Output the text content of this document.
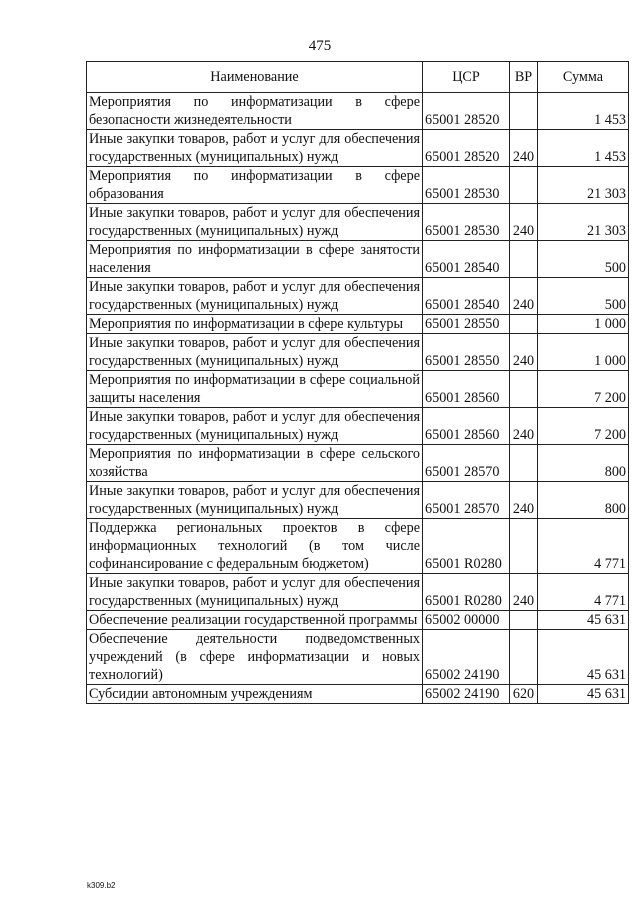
475
Наименование	ЦСР	ВР	Сумма
Мероприятия по информатизации в сфере безопасности жизнедеятельности	65001 28520		1 453
Иные закупки товаров, работ и услуг для обеспечения государственных (муниципальных) нужд	65001 28520	240	1 453
Мероприятия по информатизации в сфере образования	65001 28530		21 303
Иные закупки товаров, работ и услуг для обеспечения государственных (муниципальных) нужд	65001 28530	240	21 303
Мероприятия по информатизации в сфере занятости населения	65001 28540		500
Иные закупки товаров, работ и услуг для обеспечения государственных (муниципальных) нужд	65001 28540	240	500
Мероприятия по информатизации в сфере культуры	65001 28550		1 000
Иные закупки товаров, работ и услуг для обеспечения государственных (муниципальных) нужд	65001 28550	240	1 000
Мероприятия по информатизации в сфере социальной защиты населения	65001 28560		7 200
Иные закупки товаров, работ и услуг для обеспечения государственных (муниципальных) нужд	65001 28560	240	7 200
Мероприятия по информатизации в сфере сельского хозяйства	65001 28570		800
Иные закупки товаров, работ и услуг для обеспечения государственных (муниципальных) нужд	65001 28570	240	800
Поддержка региональных проектов в сфере информационных технологий (в том числе софинансирование с федеральным бюджетом)	65001 R0280		4 771
Иные закупки товаров, работ и услуг для обеспечения государственных (муниципальных) нужд	65001 R0280	240	4 771
Обеспечение реализации государственной программы	65002 00000		45 631
Обеспечение деятельности подведомственных учреждений (в сфере информатизации и новых технологий)	65002 24190		45 631
Субсидии автономным учреждениям	65002 24190	620	45 631
k309.b2
